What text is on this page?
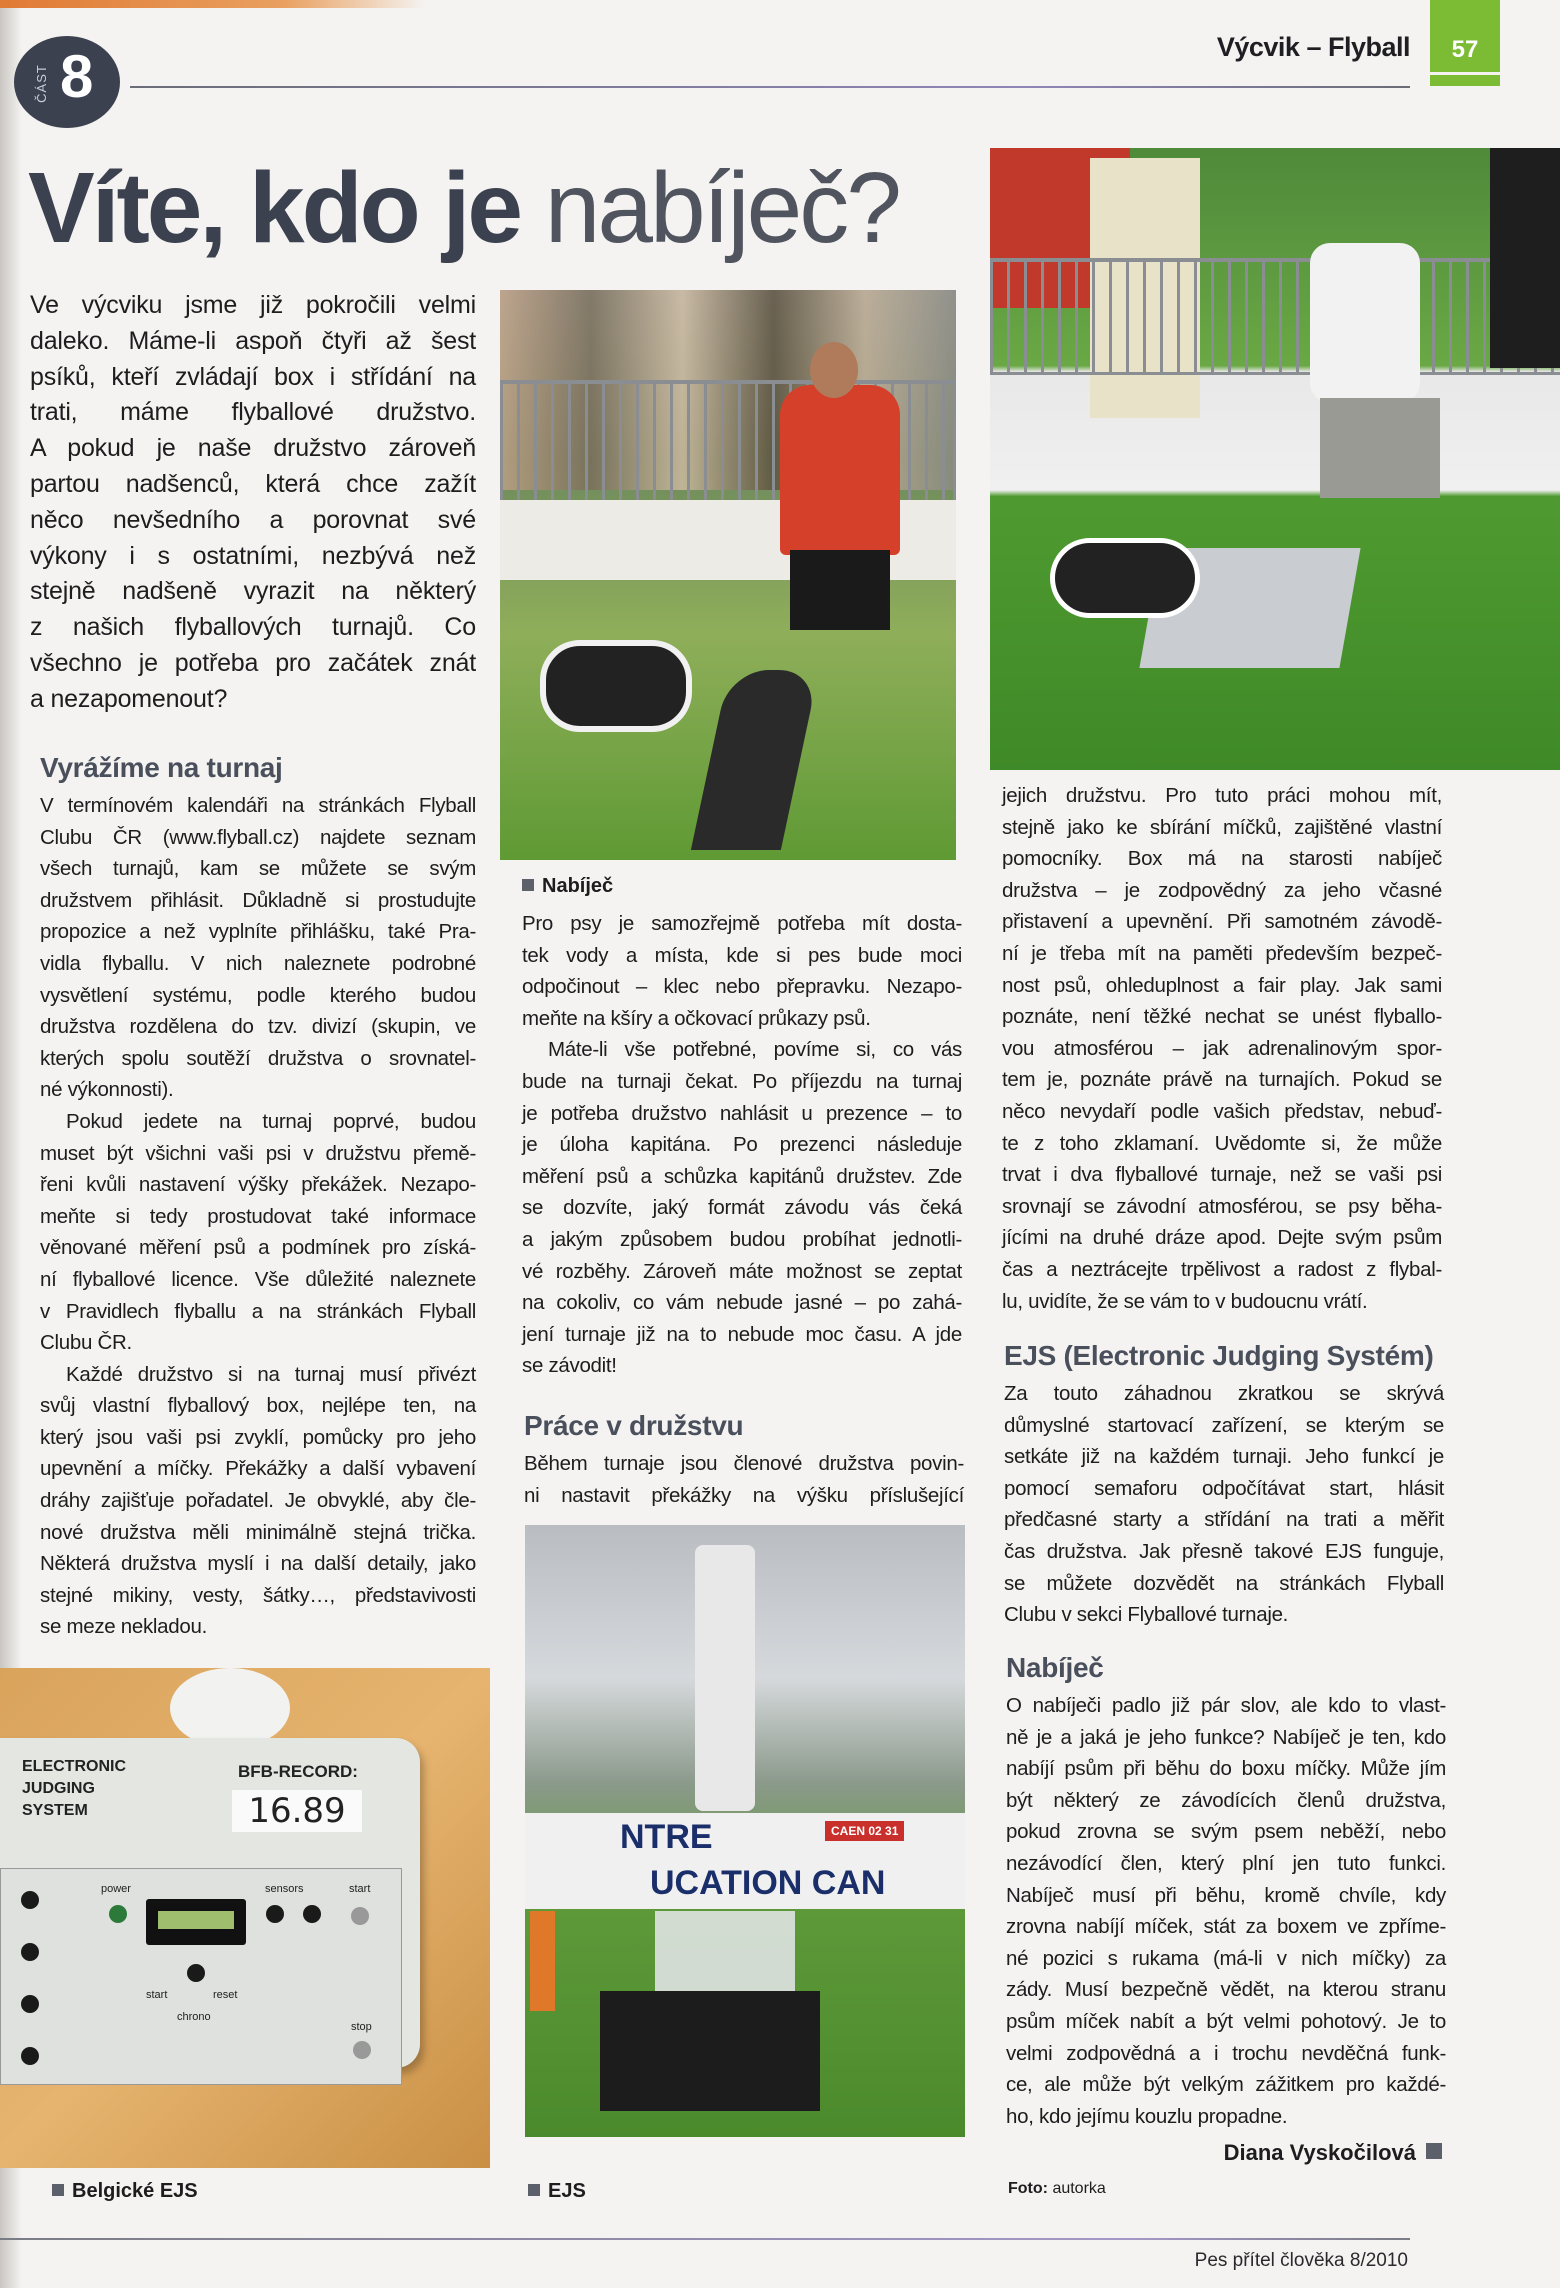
ČÁST 8	Výcvik – Flyball	57
Víte, kdo je nabíječ?
Ve výcviku jsme již pokročili velmi
daleko. Máme-li aspoň čtyři až šest
psíků, kteří zvládají box i střídání na
trati, máme flyballové družstvo.
A pokud je naše družstvo zároveň
partou nadšenců, která chce zažít
něco nevšedního a porovnat své
výkony i s ostatními, nezbývá než
stejně nadšeně vyrazit na některý
z našich flyballových turnajů. Co
všechno je potřeba pro začátek znát
a nezapomenout?
Vyrážíme na turnaj
V termínovém kalendáři na stránkách Flyball
Clubu ČR (www.flyball.cz) najdete seznam
všech turnajů, kam se můžete se svým
družstvem přihlásit. Důkladně si prostudujte
propozice a než vyplníte přihlášku, také Pra-
vidla flyballu. V nich naleznete podrobné
vysvětlení systému, podle kterého budou
družstva rozdělena do tzv. divizí (skupin, ve
kterých spolu soutěží družstva o srovnatel-
né výkonnosti).
Pokud jedete na turnaj poprvé, budou
muset být všichni vaši psi v družstvu přemě-
řeni kvůli nastavení výšky překážek. Nezapo-
meňte si tedy prostudovat také informace
věnované měření psů a podmínek pro získá-
ní flyballové licence. Vše důležité naleznete
v Pravidlech flyballu a na stránkách Flyball
Clubu ČR.
Každé družstvo si na turnaj musí přivézt
svůj vlastní flyballový box, nejlépe ten, na
který jsou vaši psi zvyklí, pomůcky pro jeho
upevnění a míčky. Překážky a další vybavení
dráhy zajišťuje pořadatel. Je obvyklé, aby čle-
nové družstva měli minimálně stejná trička.
Některá družstva myslí i na další detaily, jako
stejné mikiny, vesty, šátky…, představivosti
se meze nekladou.
ELECTRONIC
JUDGING
SYSTEM
BFB-RECORD:
16.89
power	sensors	start
start	reset
chrono
stop
Belgické EJS
Nabíječ
Pro psy je samozřejmě potřeba mít dosta-
tek vody a místa, kde si pes bude moci
odpočinout – klec nebo přepravku. Nezapo-
meňte na kšíry a očkovací průkazy psů.
Máte-li vše potřebné, povíme si, co vás
bude na turnaji čekat. Po příjezdu na turnaj
je potřeba družstvo nahlásit u prezence – to
je úloha kapitána. Po prezenci následuje
měření psů a schůzka kapitánů družstev. Zde
se dozvíte, jaký formát závodu vás čeká
a jakým způsobem budou probíhat jednotli-
vé rozběhy. Zároveň máte možnost se zeptat
na cokoliv, co vám nebude jasné – po zahá-
jení turnaje již na to nebude moc času. A jde
se závodit!
Práce v družstvu
Během turnaje jsou členové družstva povin-
ni nastavit překážky na výšku příslušející
NTRE	CAEN 02 31
UCATION CAN
EJS
jejich družstvu. Pro tuto práci mohou mít,
stejně jako ke sbírání míčků, zajištěné vlastní
pomocníky. Box má na starosti nabíječ
družstva – je zodpovědný za jeho včasné
přistavení a upevnění. Při samotném závodě-
ní je třeba mít na paměti především bezpeč-
nost psů, ohleduplnost a fair play. Jak sami
poznáte, není těžké nechat se unést flyballo-
vou atmosférou – jak adrenalinovým spor-
tem je, poznáte právě na turnajích. Pokud se
něco nevydaří podle vašich představ, nebuď-
te z toho zklamaní. Uvědomte si, že může
trvat i dva flyballové turnaje, než se vaši psi
srovnají se závodní atmosférou, se psy běha-
jícími na druhé dráze apod. Dejte svým psům
čas a neztrácejte trpělivost a radost z flybal-
lu, uvidíte, že se vám to v budoucnu vrátí.
EJS (Electronic Judging Systém)
Za touto záhadnou zkratkou se skrývá
důmyslné startovací zařízení, se kterým se
setkáte již na každém turnaji. Jeho funkcí je
pomocí semaforu odpočítávat start, hlásit
předčasné starty a střídání na trati a měřit
čas družstva. Jak přesně takové EJS funguje,
se můžete dozvědět na stránkách Flyball
Clubu v sekci Flyballové turnaje.
Nabíječ
O nabíječi padlo již pár slov, ale kdo to vlast-
ně je a jaká je jeho funkce? Nabíječ je ten, kdo
nabíjí psům při běhu do boxu míčky. Může jím
být některý ze závodících členů družstva,
pokud zrovna se svým psem neběží, nebo
nezávodící člen, který plní jen tuto funkci.
Nabíječ musí při běhu, kromě chvíle, kdy
zrovna nabíjí míček, stát za boxem ve zpříme-
né pozici s rukama (má-li v nich míčky) za
zády. Musí bezpečně vědět, na kterou stranu
psům míček nabít a být velmi pohotový. Je to
velmi zodpovědná a i trochu nevděčná funk-
ce, ale může být velkým zážitkem pro každé-
ho, kdo jejímu kouzlu propadne.
Diana Vyskočilová
Foto: autorka
Pes přítel člověka 8/2010
